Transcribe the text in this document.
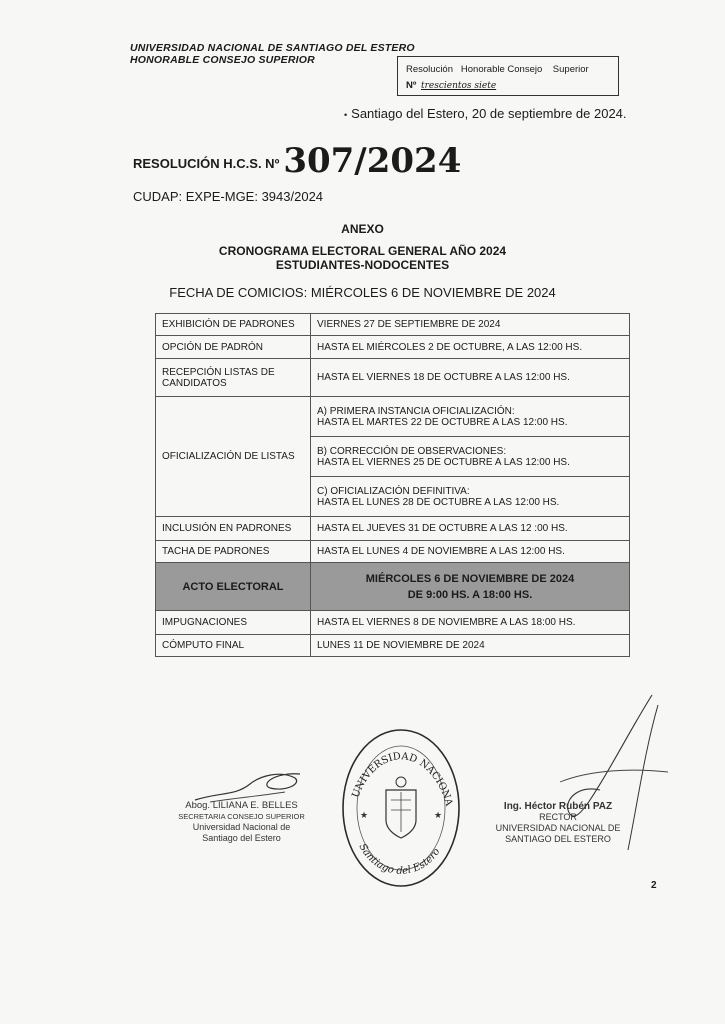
UNIVERSIDAD NACIONAL DE SANTIAGO DEL ESTERO
HONORABLE CONSEJO SUPERIOR
Resolución   Honorable Consejo    Superior
Nº trescientos siete
• Santiago del Estero, 20 de septiembre de 2024.
RESOLUCIÓN H.C.S. Nº 307/2024
CUDAP: EXPE-MGE: 3943/2024
ANEXO
CRONOGRAMA ELECTORAL GENERAL AÑO 2024
ESTUDIANTES-NODOCENTES
FECHA DE COMICIOS: MIÉRCOLES 6 DE NOVIEMBRE DE 2024
EXHIBICIÓN DE PADRONES	VIERNES 27 DE SEPTIEMBRE DE 2024
OPCIÓN DE PADRÓN	HASTA EL MIÉRCOLES 2 DE OCTUBRE, A LAS 12:00 HS.
RECEPCIÓN LISTAS DE CANDIDATOS	HASTA EL VIERNES 18 DE OCTUBRE A LAS 12:00 HS.
OFICIALIZACIÓN DE LISTAS	A) PRIMERA INSTANCIA OFICIALIZACIÓN:
HASTA EL MARTES 22 DE OCTUBRE A LAS 12:00 HS.

	B) CORRECCIÓN DE OBSERVACIONES:
HASTA EL VIERNES 25 DE OCTUBRE A LAS 12:00 HS.

	C) OFICIALIZACIÓN DEFINITIVA:
HASTA EL LUNES 28 DE OCTUBRE A LAS 12:00 HS.

INCLUSIÓN EN PADRONES	HASTA EL JUEVES 31 DE OCTUBRE A LAS 12 :00 HS.
TACHA DE PADRONES	HASTA EL LUNES 4 DE NOVIEMBRE A LAS 12:00 HS.
ACTO ELECTORAL	MIÉRCOLES 6 DE NOVIEMBRE DE 2024
DE 9:00 HS. A 18:00 HS.

IMPUGNACIONES	HASTA EL VIERNES 8 DE NOVIEMBRE A LAS 18:00 HS.
CÓMPUTO FINAL	LUNES 11 DE NOVIEMBRE DE 2024
Abog. LILIANA E. BELLES
SECRETARIA CONSEJO SUPERIOR
Universidad Nacional de
Santiago del Estero
UNIVERSIDAD NACIONAL
Santiago del Estero
★	★
Ing. Héctor Rubén PAZ
RECTOR
UNIVERSIDAD NACIONAL DE
SANTIAGO DEL ESTERO
2
